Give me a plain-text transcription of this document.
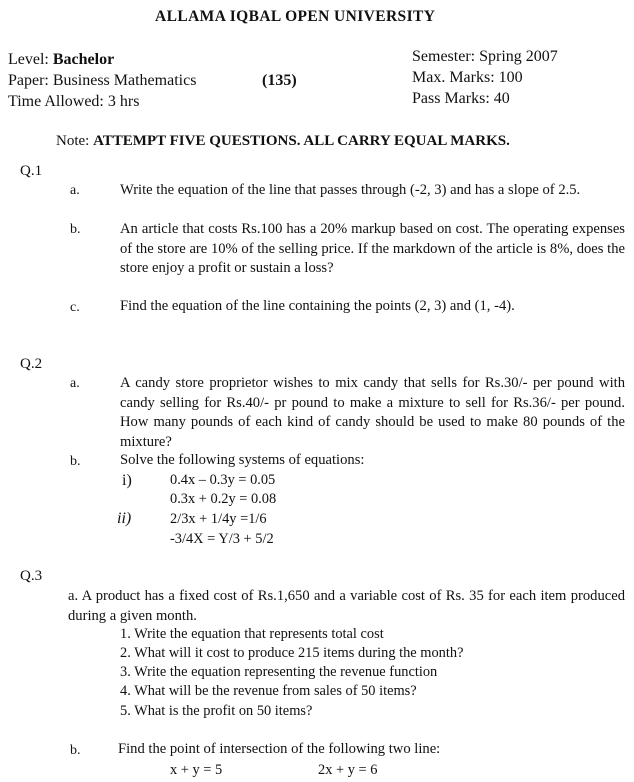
ALLAMA IQBAL OPEN UNIVERSITY
Level: Bachelor
Paper: Business Mathematics	(135)
Time Allowed: 3 hrs
Semester: Spring 2007
Max. Marks: 100
Pass Marks: 40
Note: ATTEMPT FIVE QUESTIONS. ALL CARRY EQUAL MARKS.
Q.1
a.	Write the equation of the line that passes through (-2, 3) and has a slope of 2.5.
b.	An article that costs Rs.100 has a 20% markup based on cost. The operating expenses of the store are 10% of the selling price. If the markdown of the article is 8%, does the store enjoy a profit or sustain a loss?
c.	Find the equation of the line containing the points (2, 3) and (1, -4).
Q.2
a.	A candy store proprietor wishes to mix candy that sells for Rs.30/- per pound with candy selling for Rs.40/- pr pound to make a mixture to sell for Rs.36/- per pound. How many pounds of each kind of candy should be used to make 80 pounds of the mixture?
b.	Solve the following systems of equations:
i)	0.4x – 0.3y = 0.05
0.3x + 0.2y = 0.08
ii)	2/3x + 1/4y =1/6
-3/4X = Y/3 + 5/2
Q.3
a. A product has a fixed cost of Rs.1,650 and a variable cost of Rs. 35 for each item produced during a given month.
1. Write the equation that represents total cost
2. What will it cost to produce 215 items during the month?
3. Write the equation representing the revenue function
4. What will be the revenue from sales of 50 items?
5. What is the profit on 50 items?
b.	Find the point of intersection of the following two line:
x + y = 5	2x + y = 6
